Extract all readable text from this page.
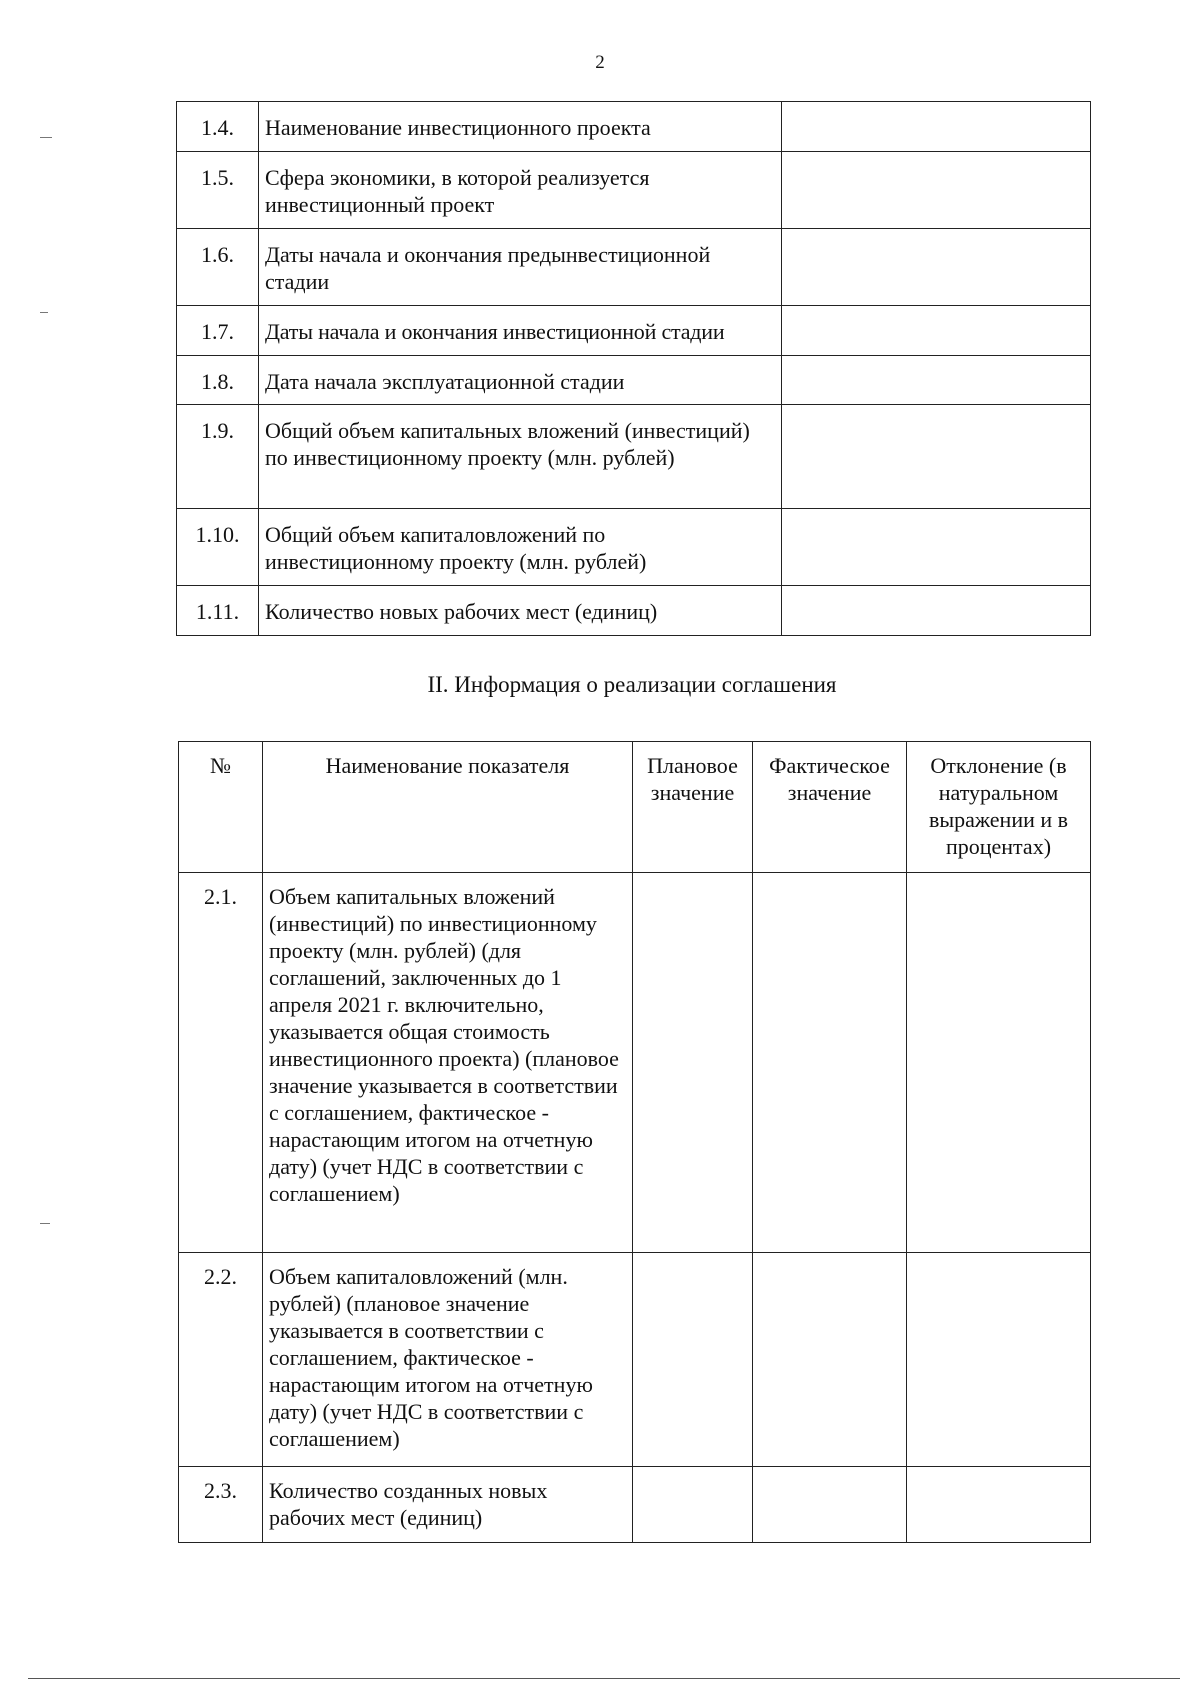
2
1.4.	Наименование инвестиционного проекта	
1.5.	Сфера экономики, в которой реализуется инвестиционный проект	
1.6.	Даты начала и окончания предынвестиционной стадии	
1.7.	Даты начала и окончания инвестиционной стадии	
1.8.	Дата начала эксплуатационной стадии	
1.9.	Общий объем капитальных вложений (инвестиций) по инвестиционному проекту (млн. рублей)	
1.10.	Общий объем капиталовложений по инвестиционному проекту (млн. рублей)	
1.11.	Количество новых рабочих мест (единиц)	
II. Информация о реализации соглашения
№	Наименование показателя	Плановое значение	Фактическое значение	Отклонение (в натуральном выражении и в процентах)
2.1.	Объем капитальных вложений (инвестиций) по инвестиционному проекту (млн. рублей) (для соглашений, заключенных до 1 апреля 2021 г. включительно, указывается общая стоимость инвестиционного проекта) (плановое значение указывается в соответствии с соглашением, фактическое - нарастающим итогом на отчетную дату) (учет НДС в соответствии с соглашением)			
2.2.	Объем капиталовложений (млн. рублей) (плановое значение указывается в соответствии с соглашением, фактическое - нарастающим итогом на отчетную дату) (учет НДС в соответствии с соглашением)			
2.3.	Количество созданных новых рабочих мест (единиц)			
